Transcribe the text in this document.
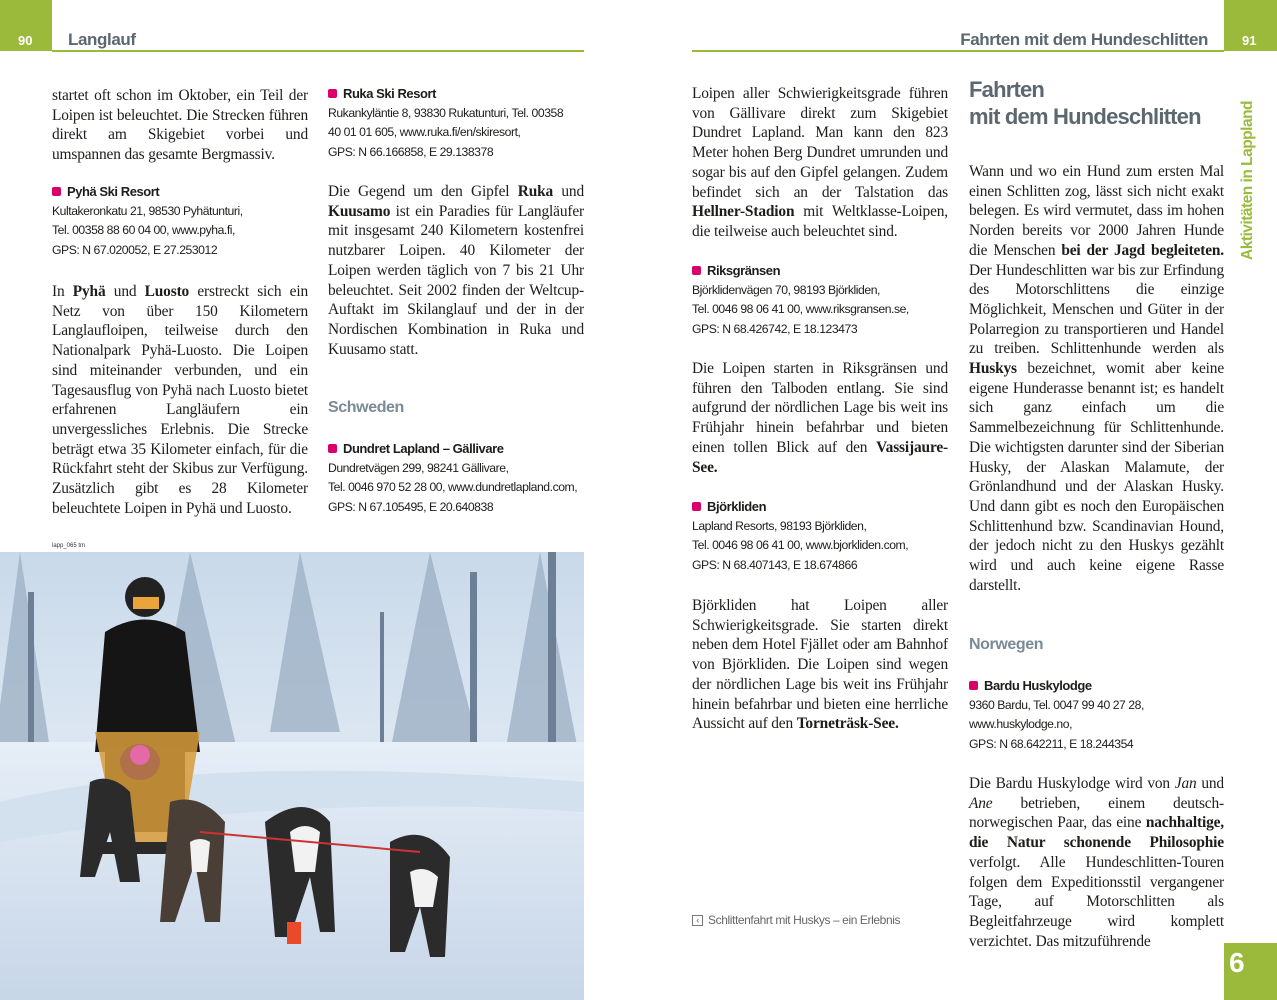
90 Langlauf
startet oft schon im Oktober, ein Teil der Loipen ist beleuchtet. Die Strecken führen direkt am Skigebiet vorbei und umspannen das gesamte Bergmassiv.
Pyhä Ski Resort
Kultakeronkatu 21, 98530 Pyhätunturi,
Tel. 00358 88 60 04 00, www.pyha.fi,
GPS: N 67.020052, E 27.253012
In Pyhä und Luosto erstreckt sich ein Netz von über 150 Kilometern Langlaufloipen, teilweise durch den Nationalpark Pyhä-Luosto. Die Loipen sind miteinander verbunden, und ein Tagesausflug von Pyhä nach Luosto bietet erfahrenen Langläufern ein unvergessliches Erlebnis. Die Strecke beträgt etwa 35 Kilometer einfach, für die Rückfahrt steht der Skibus zur Verfügung. Zusätzlich gibt es 28 Kilometer beleuchtete Loipen in Pyhä und Luosto.
Ruka Ski Resort
Rukankyläntie 8, 93830 Rukatunturi, Tel. 00358
40 01 01 605, www.ruka.fi/en/skiresort,
GPS: N 66.166858, E 29.138378
Die Gegend um den Gipfel Ruka und Kuusamo ist ein Paradies für Langläufer mit insgesamt 240 Kilometern kostenfrei nutzbarer Loipen. 40 Kilometer der Loipen werden täglich von 7 bis 21 Uhr beleuchtet. Seit 2002 finden der Weltcup-Auftakt im Skilanglauf und der in der Nordischen Kombination in Ruka und Kuusamo statt.
Schweden
Dundret Lapland – Gällivare
Dundretvägen 299, 98241 Gällivare,
Tel. 0046 970 52 28 00, www.dundretlapland.com,
GPS: N 67.105495, E 20.640838
lapp_065 tm
Fahrten mit dem Hundeschlitten	91
Aktivitäten in Lappland
6
Loipen aller Schwierigkeitsgrade führen von Gällivare direkt zum Skigebiet Dundret Lapland. Man kann den 823 Meter hohen Berg Dundret umrunden und sogar bis auf den Gipfel gelangen. Zudem befindet sich an der Talstation das Hellner-Stadion mit Weltklasse-Loipen, die teilweise auch beleuchtet sind.
Riksgränsen
Björklidenvägen 70, 98193 Björkliden,
Tel. 0046 98 06 41 00, www.riksgransen.se,
GPS: N 68.426742, E 18.123473
Die Loipen starten in Riksgränsen und führen den Talboden entlang. Sie sind aufgrund der nördlichen Lage bis weit ins Frühjahr hinein befahrbar und bieten einen tollen Blick auf den Vassijaure-See.
Björkliden
Lapland Resorts, 98193 Björkliden,
Tel. 0046 98 06 41 00, www.bjorkliden.com,
GPS: N 68.407143, E 18.674866
Björkliden hat Loipen aller Schwierigkeitsgrade. Sie starten direkt neben dem Hotel Fjället oder am Bahnhof von Björkliden. Die Loipen sind wegen der nördlichen Lage bis weit ins Frühjahr hinein befahrbar und bieten eine herrliche Aussicht auf den Torneträsk-See.
‹ Schlittenfahrt mit Huskys – ein Erlebnis
Fahrten
mit dem Hundeschlitten
Wann und wo ein Hund zum ersten Mal einen Schlitten zog, lässt sich nicht exakt belegen. Es wird vermutet, dass im hohen Norden bereits vor 2000 Jahren Hunde die Menschen bei der Jagd begleiteten. Der Hundeschlitten war bis zur Erfindung des Motorschlittens die einzige Möglichkeit, Menschen und Güter in der Polarregion zu transportieren und Handel zu treiben. Schlittenhunde werden als Huskys bezeichnet, womit aber keine eigene Hunderasse benannt ist; es handelt sich ganz einfach um die Sammelbezeichnung für Schlittenhunde. Die wichtigsten darunter sind der Siberian Husky, der Alaskan Malamute, der Grönlandhund und der Alaskan Husky. Und dann gibt es noch den Europäischen Schlittenhund bzw. Scandinavian Hound, der jedoch nicht zu den Huskys gezählt wird und auch keine eigene Rasse darstellt.
Norwegen
Bardu Huskylodge
9360 Bardu, Tel. 0047 99 40 27 28,
www.huskylodge.no,
GPS: N 68.642211, E 18.244354
Die Bardu Huskylodge wird von Jan und Ane betrieben, einem deutsch-norwegischen Paar, das eine nachhaltige, die Natur schonende Philosophie verfolgt. Alle Hundeschlitten-Touren folgen dem Expeditionsstil vergangener Tage, auf Motorschlitten als Begleitfahrzeuge wird komplett verzichtet. Das mitzuführende
